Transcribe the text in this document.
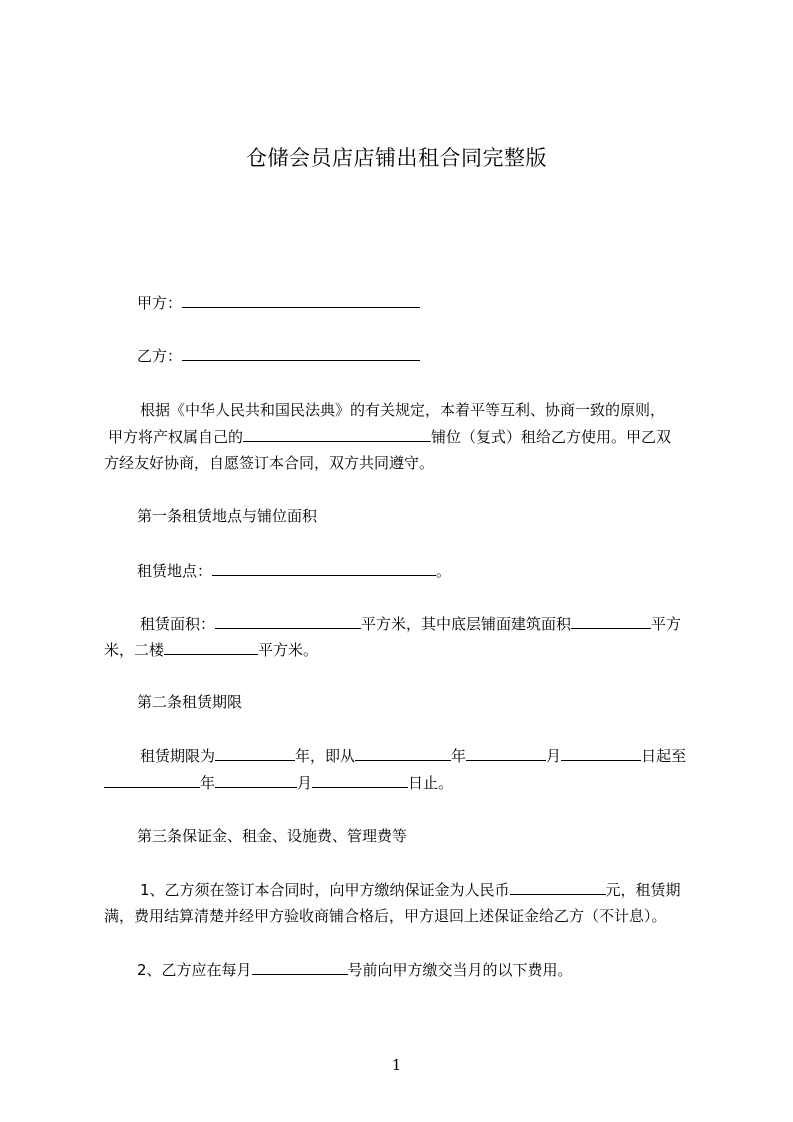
仓储会员店店铺出租合同完整版
甲方：
乙方：
根据《中华人民共和国民法典》的有关规定，本着平等互利、协商一致的原则，
甲方将产权属自己的	铺位（复式）租给乙方使用。甲乙双
方经友好协商，自愿签订本合同，双方共同遵守。
第一条租赁地点与铺位面积
租赁地点：	。
租赁面积：	平方米，其中底层铺面建筑面积	平方
米，二楼	平方米。
第二条租赁期限
租赁期限为	年，即从	年	月	日起至
年	月	日止。
第三条保证金、租金、设施费、管理费等
1、乙方须在签订本合同时，向甲方缴纳保证金为人民币	元，租赁期
满，费用结算清楚并经甲方验收商铺合格后，甲方退回上述保证金给乙方（不计息）。
2、乙方应在每月	号前向甲方缴交当月的以下费用。
1
